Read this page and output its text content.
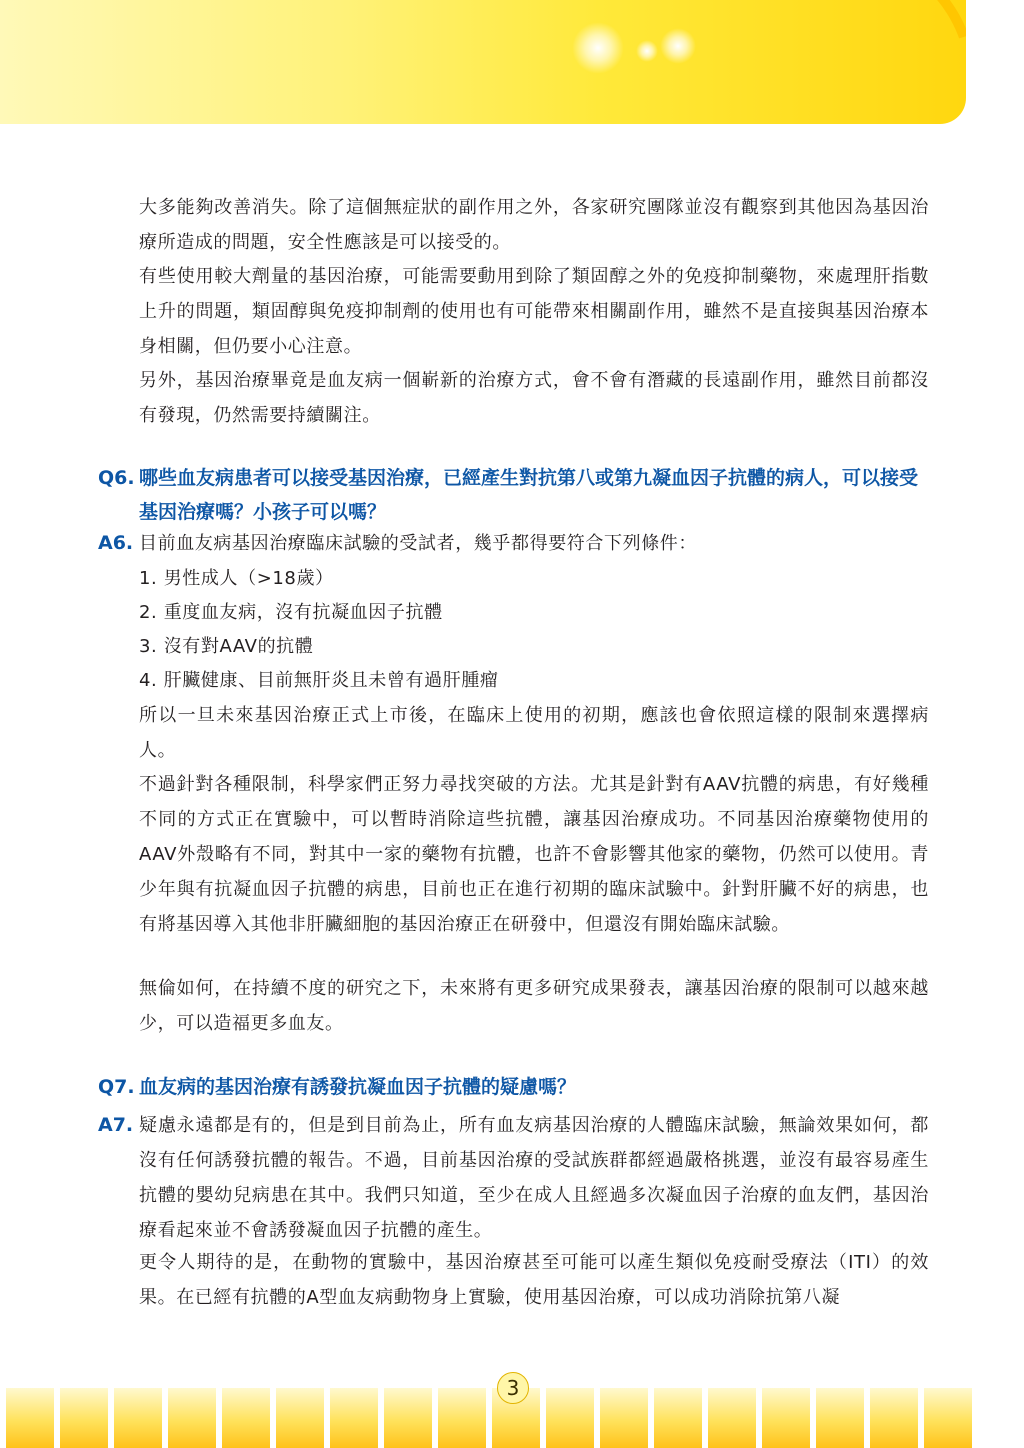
大多能夠改善消失。除了這個無症狀的副作用之外，各家研究團隊並沒有觀察到其他因為基因治療所造成的問題，安全性應該是可以接受的。

有些使用較大劑量的基因治療，可能需要動用到除了類固醇之外的免疫抑制藥物，來處理肝指數上升的問題，類固醇與免疫抑制劑的使用也有可能帶來相關副作用，雖然不是直接與基因治療本身相關，但仍要小心注意。

另外，基因治療畢竟是血友病一個嶄新的治療方式，會不會有潛藏的長遠副作用，雖然目前都沒有發現，仍然需要持續關注。

Q6. 哪些血友病患者可以接受基因治療，已經產生對抗第八或第九凝血因子抗體的病人，可以接受基因治療嗎？小孩子可以嗎？
A6. 目前血友病基因治療臨床試驗的受試者，幾乎都得要符合下列條件：

1. 男性成人（>18歲）

2. 重度血友病，沒有抗凝血因子抗體

3. 沒有對AAV的抗體

4. 肝臟健康、目前無肝炎且未曾有過肝腫瘤

所以一旦未來基因治療正式上市後，在臨床上使用的初期，應該也會依照這樣的限制來選擇病人。

不過針對各種限制，科學家們正努力尋找突破的方法。尤其是針對有AAV抗體的病患，有好幾種不同的方式正在實驗中，可以暫時消除這些抗體，讓基因治療成功。不同基因治療藥物使用的AAV外殼略有不同，對其中一家的藥物有抗體，也許不會影響其他家的藥物，仍然可以使用。青少年與有抗凝血因子抗體的病患，目前也正在進行初期的臨床試驗中。針對肝臟不好的病患，也有將基因導入其他非肝臟細胞的基因治療正在研發中，但還沒有開始臨床試驗。

無倫如何，在持續不度的研究之下，未來將有更多研究成果發表，讓基因治療的限制可以越來越少，可以造福更多血友。

Q7. 血友病的基因治療有誘發抗凝血因子抗體的疑慮嗎？
A7. 疑慮永遠都是有的，但是到目前為止，所有血友病基因治療的人體臨床試驗，無論效果如何，都沒有任何誘發抗體的報告。不過，目前基因治療的受試族群都經過嚴格挑選，並沒有最容易產生抗體的嬰幼兒病患在其中。我們只知道，至少在成人且經過多次凝血因子治療的血友們，基因治療看起來並不會誘發凝血因子抗體的產生。

更令人期待的是，在動物的實驗中，基因治療甚至可能可以產生類似免疫耐受療法（ITI）的效果。在已經有抗體的A型血友病動物身上實驗，使用基因治療，可以成功消除抗第八凝

3
